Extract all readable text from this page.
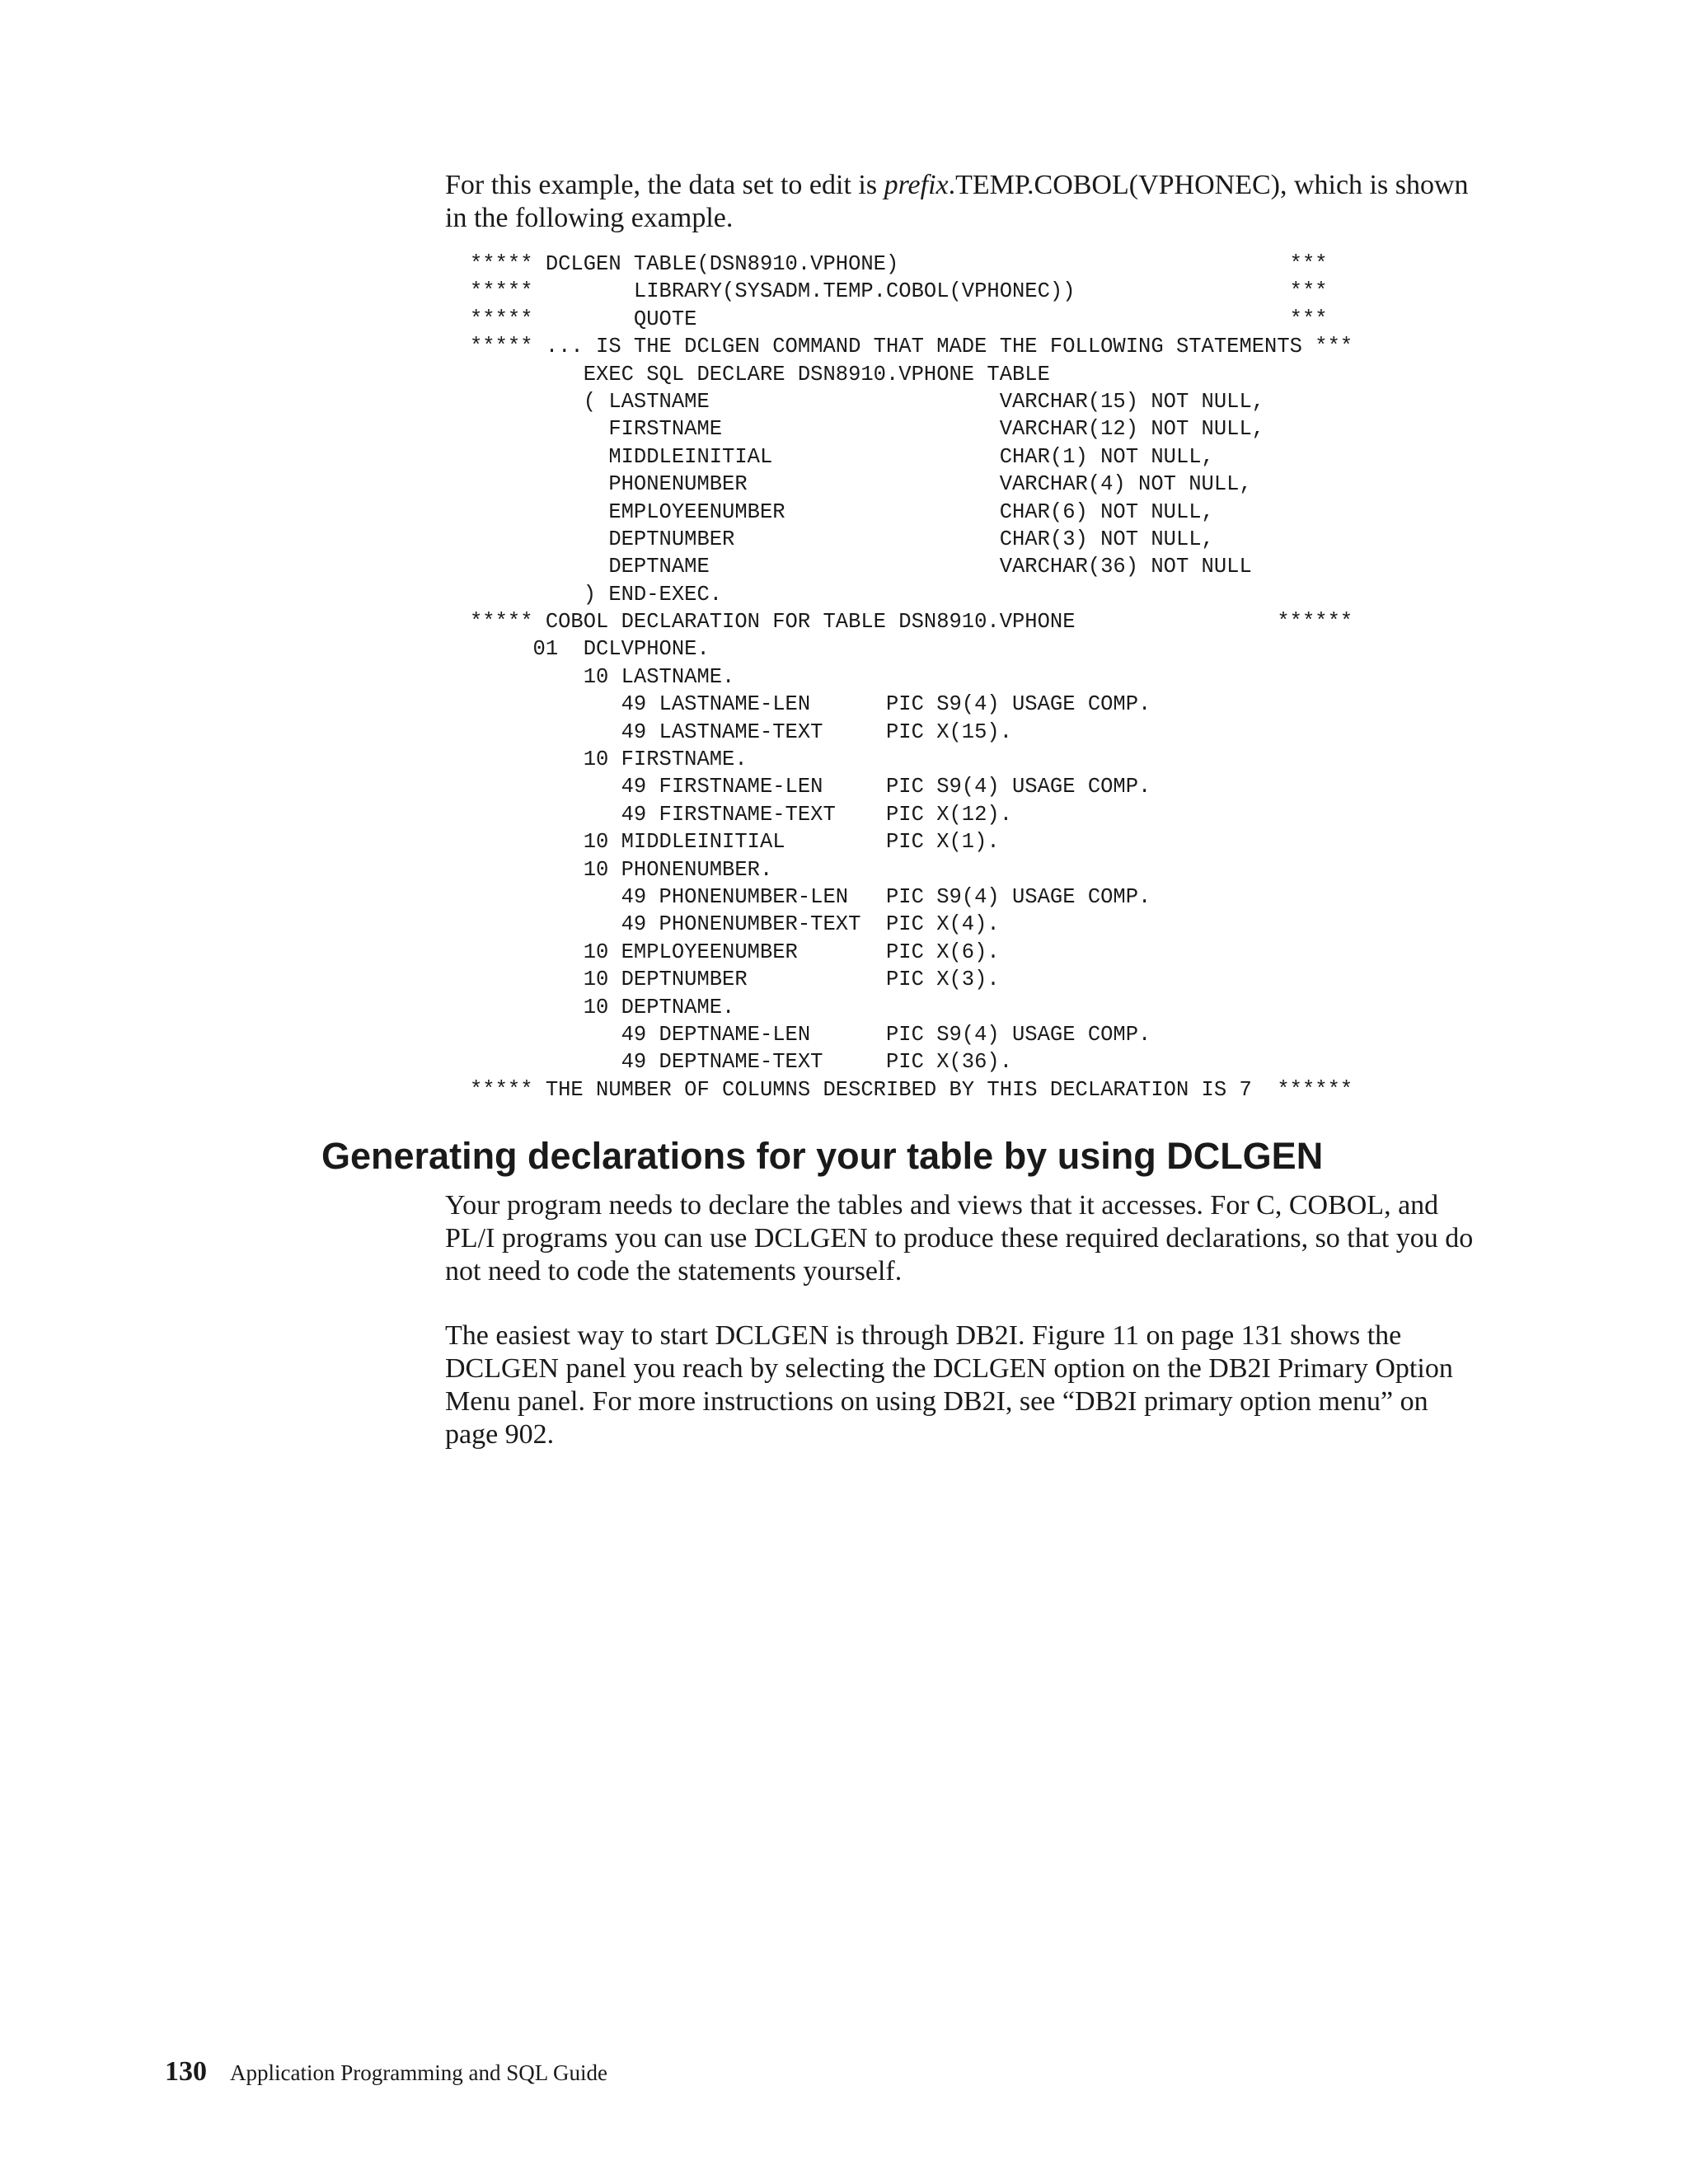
For this example, the data set to edit is prefix.TEMP.COBOL(VPHONEC), which is shown in the following example.

***** DCLGEN TABLE(DSN8910.VPHONE)                               ***
*****        LIBRARY(SYSADM.TEMP.COBOL(VPHONEC))                 ***
*****        QUOTE                                               ***
***** ... IS THE DCLGEN COMMAND THAT MADE THE FOLLOWING STATEMENTS ***
EXEC SQL DECLARE DSN8910.VPHONE TABLE
( LASTNAME                       VARCHAR(15) NOT NULL,
FIRSTNAME                      VARCHAR(12) NOT NULL,
MIDDLEINITIAL                  CHAR(1) NOT NULL,
PHONENUMBER                    VARCHAR(4) NOT NULL,
EMPLOYEENUMBER                 CHAR(6) NOT NULL,
DEPTNUMBER                     CHAR(3) NOT NULL,
DEPTNAME                       VARCHAR(36) NOT NULL
) END-EXEC.
***** COBOL DECLARATION FOR TABLE DSN8910.VPHONE                ******
01  DCLVPHONE.
10 LASTNAME.
49 LASTNAME-LEN      PIC S9(4) USAGE COMP.
49 LASTNAME-TEXT     PIC X(15).
10 FIRSTNAME.
49 FIRSTNAME-LEN     PIC S9(4) USAGE COMP.
49 FIRSTNAME-TEXT    PIC X(12).
10 MIDDLEINITIAL        PIC X(1).
10 PHONENUMBER.
49 PHONENUMBER-LEN   PIC S9(4) USAGE COMP.
49 PHONENUMBER-TEXT  PIC X(4).
10 EMPLOYEENUMBER       PIC X(6).
10 DEPTNUMBER           PIC X(3).
10 DEPTNAME.
49 DEPTNAME-LEN      PIC S9(4) USAGE COMP.
49 DEPTNAME-TEXT     PIC X(36).
***** THE NUMBER OF COLUMNS DESCRIBED BY THIS DECLARATION IS 7  ******
Generating declarations for your table by using DCLGEN

Your program needs to declare the tables and views that it accesses. For C, COBOL, and PL/I programs you can use DCLGEN to produce these required declarations, so that you do not need to code the statements yourself.

The easiest way to start DCLGEN is through DB2I. Figure 11 on page 131 shows the DCLGEN panel you reach by selecting the DCLGEN option on the DB2I Primary Option Menu panel. For more instructions on using DB2I, see “DB2I primary option menu” on page 902.

130 Application Programming and SQL Guide
